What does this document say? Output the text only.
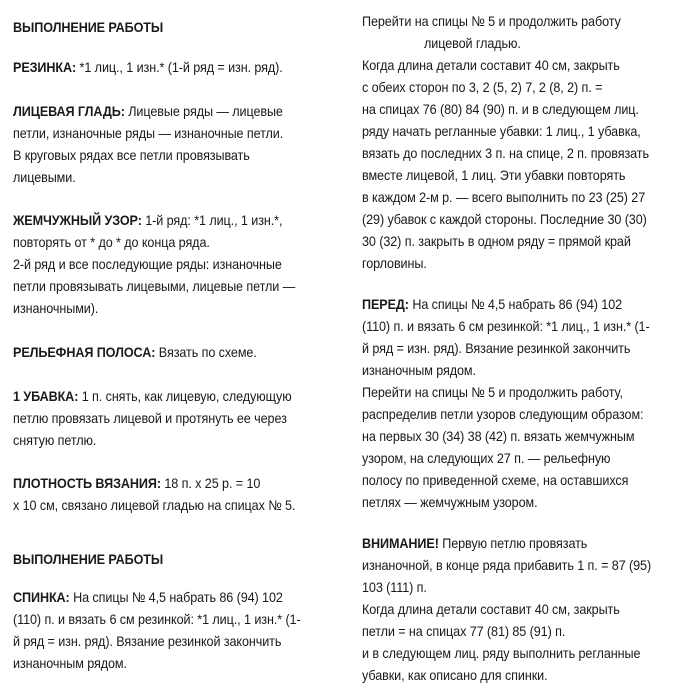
ВЫПОЛНЕНИЕ РАБОТЫ
РЕЗИНКА: *1 лиц., 1 изн.* (1-й ряд = изн. ряд).
ЛИЦЕВАЯ ГЛАДЬ: Лицевые ряды — лицевые
петли, изнаночные ряды — изнаночные петли.
В круговых рядах все петли провязывать
лицевыми.
ЖЕМЧУЖНЫЙ УЗОР: 1-й ряд: *1 лиц., 1 изн.*,
повторять от * до * до конца ряда.
2-й ряд и все последующие ряды: изнаночные
петли провязывать лицевыми, лицевые петли —
изнаночными).
РЕЛЬЕФНАЯ ПОЛОСА: Вязать по схеме.
1 УБАВКА: 1 п. снять, как лицевую, следующую
петлю провязать лицевой и протянуть ее через
снятую петлю.
ПЛОТНОСТЬ ВЯЗАНИЯ: 18 п. х 25 р. = 10
х 10 см, связано лицевой гладью на спицах № 5.
ВЫПОЛНЕНИЕ РАБОТЫ
СПИНКА: На спицы № 4,5 набрать 86 (94) 102
(110) п. и вязать 6 см резинкой: *1 лиц., 1 изн.* (1-
й ряд = изн. ряд). Вязание резинкой закончить
изнаночным рядом.
Перейти на спицы № 5 и продолжить работу
лицевой гладью.
Когда длина детали составит 40 см, закрыть
с обеих сторон по 3, 2 (5, 2) 7, 2 (8, 2) п. =
на спицах 76 (80) 84 (90) п. и в следующем лиц.
ряду начать регланные убавки: 1 лиц., 1 убавка,
вязать до последних 3 п. на спице, 2 п. провязать
вместе лицевой, 1 лиц. Эти убавки повторять
в каждом 2-м р. — всего выполнить по 23 (25) 27
(29) убавок с каждой стороны. Последние 30 (30)
30 (32) п. закрыть в одном ряду = прямой край
горловины.
ПЕРЕД: На спицы № 4,5 набрать 86 (94) 102
(110) п. и вязать 6 см резинкой: *1 лиц., 1 изн.* (1-
й ряд = изн. ряд). Вязание резинкой закончить
изнаночным рядом.
Перейти на спицы № 5 и продолжить работу,
распределив петли узоров следующим образом:
на первых 30 (34) 38 (42) п. вязать жемчужным
узором, на следующих 27 п. — рельефную
полосу по приведенной схеме, на оставшихся
петлях — жемчужным узором.
ВНИМАНИЕ! Первую петлю провязать
изнаночной, в конце ряда прибавить 1 п. = 87 (95)
103 (111) п.
Когда длина детали составит 40 см, закрыть
петли = на спицах 77 (81) 85 (91) п.
и в следующем лиц. ряду выполнить регланные
убавки, как описано для спинки.
